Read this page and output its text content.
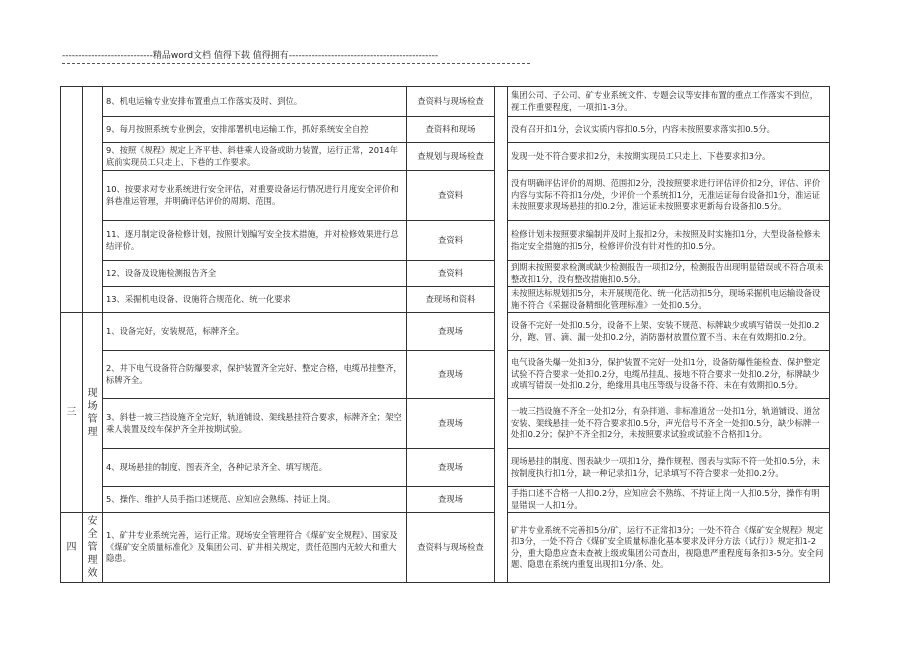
----------------------------精品word文档 值得下载 值得拥有----------------------------------------------
		8、机电运输专业安排布置重点工作落实及时、到位。	查资料与现场检查		集团公司、子公司、矿专业系统文件、专题会议等安排布置的重点工作落实不到位，视工作重要程度，一项扣1-3分。
		9、每月按照系统专业例会，安排部署机电运输工作，抓好系统安全自控	查资料和现场		没有召开扣1分，会议实质内容扣0.5分，内容未按照要求落实扣0.5分。
		9、按照《规程》规定上齐平巷、斜巷乘人设备或助力装置，运行正常，2014年底前实现员工只走上、下巷的工作要求。	查规划与现场检查		发现一处不符合要求扣2分，未按期实现员工只走上、下巷要求扣3分。
		10、按要求对专业系统进行安全评估，对重要设备运行情况进行月度安全评价和斜巷准运管理，并明确评估评价的周期、范围。	查资料		没有明确评估评价的周期、范围扣2分，没按照要求进行评估评价扣2分，评估、评价内容与实际不符扣1分/处，少评价一个系统扣1分，无准运证每台设备扣1分，准运证未按照要求现场悬挂的扣0.2分，准运证未按照要求更新每台设备扣0.5分。
		11、逐月制定设备检修计划，按照计划编写安全技术措施，并对检修效果进行总结评价。	查资料		检修计划未按照要求编制并及时上报扣2分，未按照及时实施扣1分，大型设备检修未指定安全措施的扣5分，检修评价没有针对性的扣0.5分。
		12、设备及设施检测报告齐全	查资料		到期未按照要求检测或缺少检测报告一项扣2分，检测报告出现明显错误或不符合项未整改扣1分，没有整改措施扣0.5分。
		13、采掘机电设备、设施符合规范化、统一化要求	查现场和资料		未按照达标规划扣5分，未开展规范化、统一化活动扣5分，现场采掘机电运输设备设施不符合《采掘设备精细化管理标准》一处扣0.5分。
三	现场管理	1、设备完好，安装规范，标牌齐全。	查现场		设备不完好一处扣0.5分，设备不上架、安装不规范、标牌缺少或填写错误一处扣0.2分，跑、冒、滴、漏一处扣0.2分，消防器材放置位置不当、未在有效期扣0.2分。
		2、井下电气设备符合防爆要求，保护装置齐全完好、整定合格，电缆吊挂整齐，标牌齐全。	查现场		电气设备失爆一处扣3分，保护装置不完好一处扣1分，设备防爆性能检查、保护整定试验不符合要求一处扣0.2分，电缆吊挂乱、接地不符合要求一处扣0.2分，标牌缺少或填写错误一处扣0.2分，绝缘用具电压等级与设备不符、未在有效期扣0.5分。
		3、斜巷一坡三挡设施齐全完好，轨道铺设、架线悬挂符合要求，标牌齐全；架空乘人装置及绞车保护齐全并按期试验。	查现场		一坡三挡设施不齐全一处扣2分，有杂拌道、非标准道岔一处扣1分，轨道铺设、道岔安装、架线悬挂一处不符合要求扣0.5分，声光信号不齐全一处扣0.5分，缺少标牌一处扣0.2分；保护不齐全扣2分，未按照要求试验或试验不合格扣1分。
		4、现场悬挂的制度、图表齐全，各种记录齐全、填写规范。	查现场		现场悬挂的制度、图表缺少一项扣1分，操作规程、图表与实际不符一处扣0.5分，未按制度执行扣1分，缺一种记录扣1分，记录填写不符合要求一处扣0.2分。
		5、操作、维护人员手指口述规范、应知应会熟练、持证上岗。	查现场		手指口述不合格一人扣0.2分，应知应会不熟练、不持证上岗一人扣0.5分，操作有明显错误一人扣1分。
四	安全管理效	1、矿井专业系统完善，运行正常。现场安全管理符合《煤矿安全规程》、国家及《煤矿安全质量标准化》及集团公司、矿井相关规定，责任范围内无较大和重大隐患。	查资料与现场检查		矿井专业系统不完善扣5分/矿，运行不正常扣3分；一处不符合《煤矿安全规程》规定扣3分，一处不符合《煤矿安全质量标准化基本要求及评分方法（试行）》规定扣1-2分，重大隐患应查未查被上级或集团公司查出，视隐患严重程度每条扣3-5分。安全问题、隐患在系统内重复出现扣1分/条、处。
